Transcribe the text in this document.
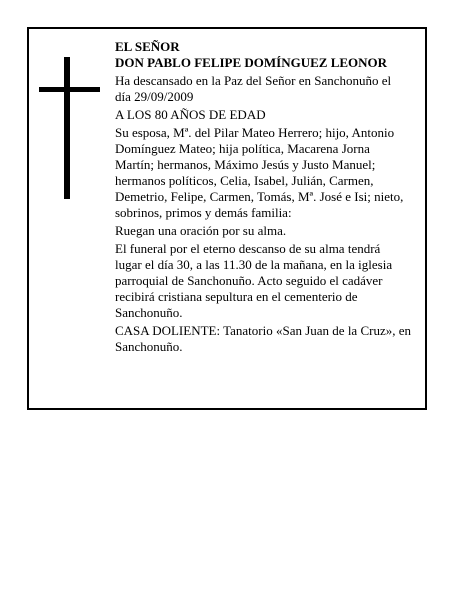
EL SEÑOR
DON PABLO FELIPE DOMÍNGUEZ LEONOR
Ha descansado en la Paz del Señor en Sanchonuño el
día 29/09/2009
A LOS 80 AÑOS DE EDAD
Su esposa, Mª. del Pilar Mateo Herrero; hijo, Antonio
Domínguez Mateo; hija política, Macarena Jorna
Martín; hermanos, Máximo Jesús y Justo Manuel;
hermanos políticos, Celia, Isabel, Julián, Carmen,
Demetrio, Felipe, Carmen, Tomás, Mª. José e Isi; nieto,
sobrinos, primos y demás familia:
Ruegan una oración por su alma.
El funeral por el eterno descanso de su alma tendrá
lugar el día 30, a las 11.30 de la mañana, en la iglesia
parroquial de Sanchonuño. Acto seguido el cadáver
recibirá cristiana sepultura en el cementerio de
Sanchonuño.
CASA DOLIENTE: Tanatorio «San Juan de la Cruz», en
Sanchonuño.
